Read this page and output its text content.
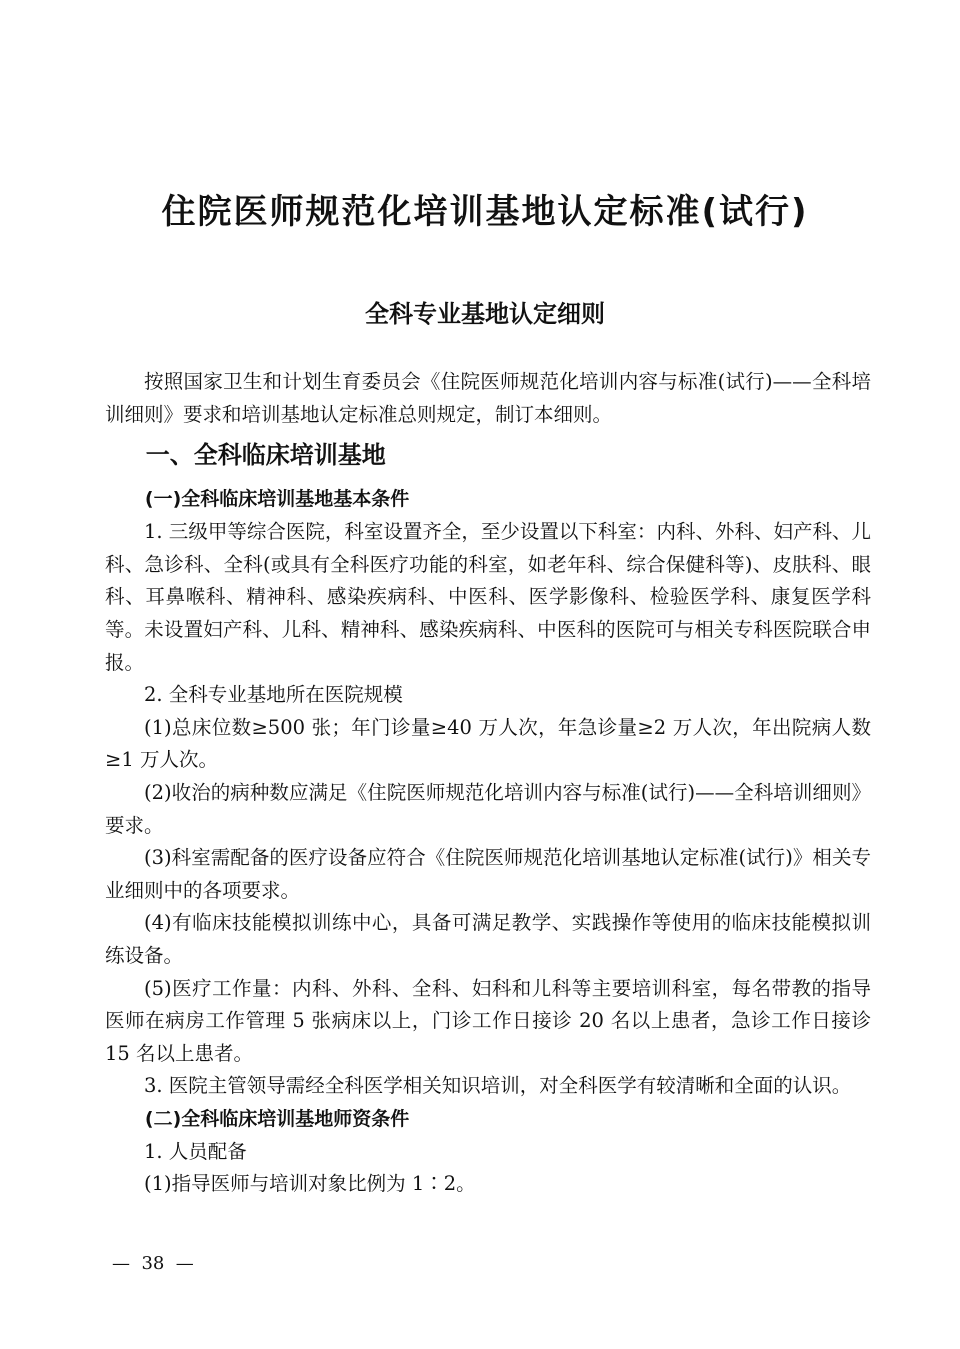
住院医师规范化培训基地认定标准(试行)
全科专业基地认定细则

按照国家卫生和计划生育委员会《住院医师规范化培训内容与标准(试行)——全科培训细则》要求和培训基地认定标准总则规定，制订本细则。

一、全科临床培训基地
(一)全科临床培训基地基本条件

1. 三级甲等综合医院，科室设置齐全，至少设置以下科室：内科、外科、妇产科、儿科、急诊科、全科(或具有全科医疗功能的科室，如老年科、综合保健科等)、皮肤科、眼科、耳鼻喉科、精神科、感染疾病科、中医科、医学影像科、检验医学科、康复医学科等。未设置妇产科、儿科、精神科、感染疾病科、中医科的医院可与相关专科医院联合申报。

2. 全科专业基地所在医院规模

(1)总床位数≥500 张；年门诊量≥40 万人次，年急诊量≥2 万人次，年出院病人数≥1 万人次。

(2)收治的病种数应满足《住院医师规范化培训内容与标准(试行)——全科培训细则》要求。

(3)科室需配备的医疗设备应符合《住院医师规范化培训基地认定标准(试行)》相关专业细则中的各项要求。

(4)有临床技能模拟训练中心，具备可满足教学、实践操作等使用的临床技能模拟训练设备。

(5)医疗工作量：内科、外科、全科、妇科和儿科等主要培训科室，每名带教的指导医师在病房工作管理 5 张病床以上，门诊工作日接诊 20 名以上患者，急诊工作日接诊 15 名以上患者。

3. 医院主管领导需经全科医学相关知识培训，对全科医学有较清晰和全面的认识。

(二)全科临床培训基地师资条件

1. 人员配备

(1)指导医师与培训对象比例为 1∶2。

—  38  —
